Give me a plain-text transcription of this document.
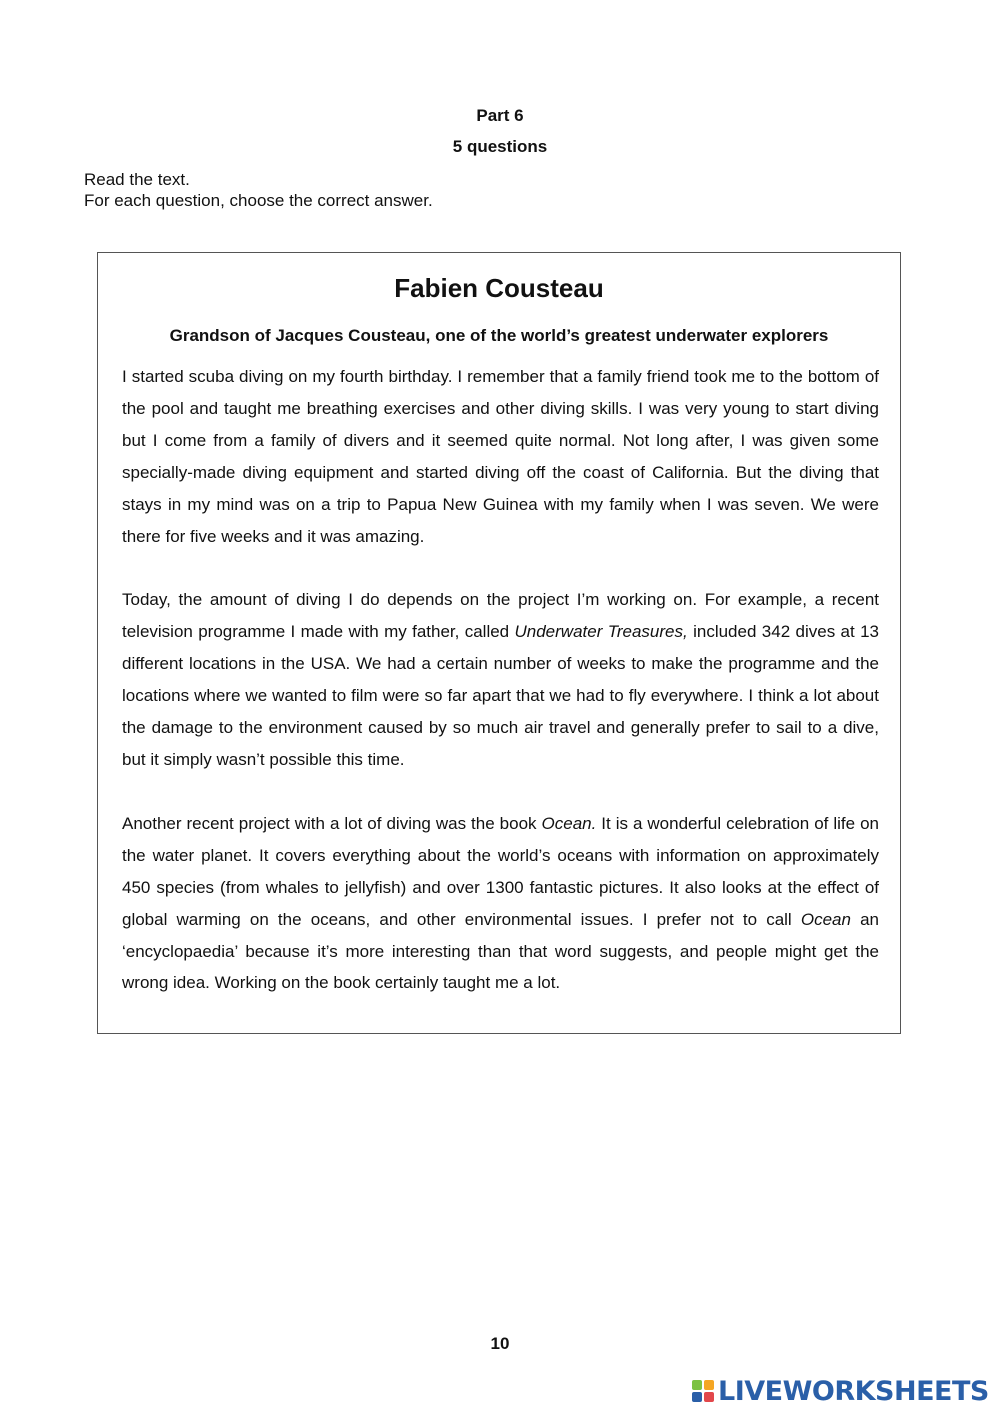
Part 6
5 questions
Read the text.
For each question, choose the correct answer.
Fabien Cousteau
Grandson of Jacques Cousteau, one of the world’s greatest underwater explorers

I started scuba diving on my fourth birthday. I remember that a family friend took me to the bottom of the pool and taught me breathing exercises and other diving skills. I was very young to start diving but I come from a family of divers and it seemed quite normal. Not long after, I was given some specially-made diving equipment and started diving off the coast of California. But the diving that stays in my mind was on a trip to Papua New Guinea with my family when I was seven. We were there for five weeks and it was amazing.

Today, the amount of diving I do depends on the project I’m working on. For example, a recent television programme I made with my father, called Underwater Treasures, included 342 dives at 13 different locations in the USA. We had a certain number of weeks to make the programme and the locations where we wanted to film were so far apart that we had to fly everywhere. I think a lot about the damage to the environment caused by so much air travel and generally prefer to sail to a dive, but it simply wasn’t possible this time.

Another recent project with a lot of diving was the book Ocean. It is a wonderful celebration of life on the water planet. It covers everything about the world’s oceans with information on approximately 450 species (from whales to jellyfish) and over 1300 fantastic pictures. It also looks at the effect of global warming on the oceans, and other environmental issues. I prefer not to call Ocean an ‘encyclopaedia’ because it’s more interesting than that word suggests, and people might get the wrong idea. Working on the book certainly taught me a lot.

10
LIVEWORKSHEETS
